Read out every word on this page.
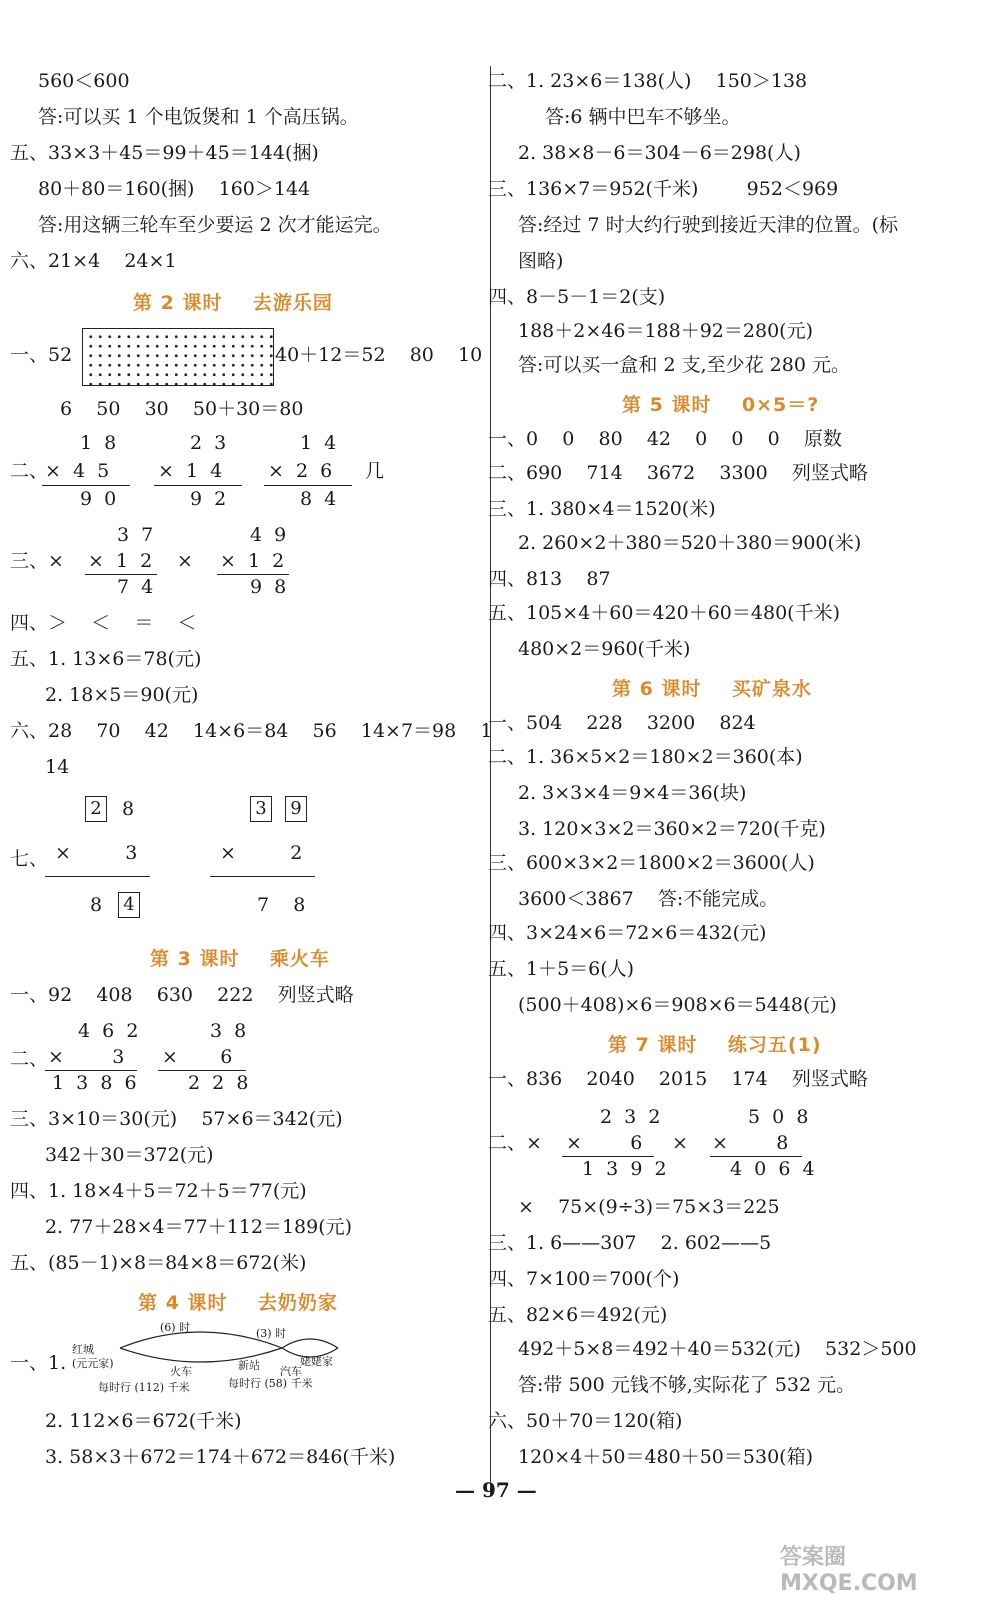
560＜600
答:可以买 1 个电饭煲和 1 个高压锅。
五、33×3＋45＝99＋45＝144(捆)
80＋80＝160(捆)    160＞144
答:用这辆三轮车至少要运 2 次才能运完。
六、21×4    24×1
第 2 课时    去游乐园
一、52	40＋12＝52    80    10
6    50    30    50＋30＝80
二、
1  8
×  4  5
9  0
2  3
×  1  4
9  2
1  4
×  2  6
8  4
几
三、×
3  7
×  1  2
7  4
×
4  9
×  1  2
9  8
四、＞    ＜    ＝    ＜
五、1. 13×6＝78(元)
2. 18×5＝90(元)
六、28    70    42    14×6＝84    56    14×7＝98    1
14
七、
2 8
×         3
8 4
3 9
×         2
7    8
第 3 课时    乘火车
一、92    408    630    222    列竖式略
二、
4  6  2
×        3
1  3  8  6
3  8
×       6
2  2  8
三、3×10＝30(元)    57×6＝342(元)
342＋30＝372(元)
四、1. 18×4＋5＝72＋5＝77(元)
2. 77＋28×4＝77＋112＝189(元)
五、(85－1)×8＝84×8＝672(米)
第 4 课时    去奶奶家
一、1.
红城
(元元家)
(6) 时	(3) 时
火车	新站 汽车
姥姥家
每时行 (112) 千米	每时行 (58) 千米
2. 112×6＝672(千米)
3. 58×3＋672＝174＋672＝846(千米)
二、1. 23×6＝138(人)    150＞138
答:6 辆中巴车不够坐。
2. 38×8－6＝304－6＝298(人)
三、136×7＝952(千米)        952＜969
答:经过 7 时大约行驶到接近天津的位置。(标
图略)
四、8－5－1＝2(支)
188＋2×46＝188＋92＝280(元)
答:可以买一盒和 2 支,至少花 280 元。
第 5 课时    0×5＝?
一、0    0    80    42    0    0    0    原数
二、690    714    3672    3300    列竖式略
三、1. 380×4＝1520(米)
2. 260×2＋380＝520＋380＝900(米)
四、813    87
五、105×4＋60＝420＋60＝480(千米)
480×2＝960(千米)
第 6 课时    买矿泉水
一、504    228    3200    824
二、1. 36×5×2＝180×2＝360(本)
2. 3×3×4＝9×4＝36(块)
3. 120×3×2＝360×2＝720(千克)
三、600×3×2＝1800×2＝3600(人)
3600＜3867    答:不能完成。
四、3×24×6＝72×6＝432(元)
五、1＋5＝6(人)
(500＋408)×6＝908×6＝5448(元)
第 7 课时    练习五(1)
一、836    2040    2015    174    列竖式略
二、×
2  3  2
×        6
1  3  9  2
×
5  0  8
×        8
4  0  6  4
×    75×(9÷3)＝75×3＝225
三、1. 6——307    2. 602——5
四、7×100＝700(个)
五、82×6＝492(元)
492＋5×8＝492＋40＝532(元)    532＞500
答:带 500 元钱不够,实际花了 532 元。
六、50＋70＝120(箱)
120×4＋50＝480＋50＝530(箱)
— 97 —
答案圈 MXQE.COM
